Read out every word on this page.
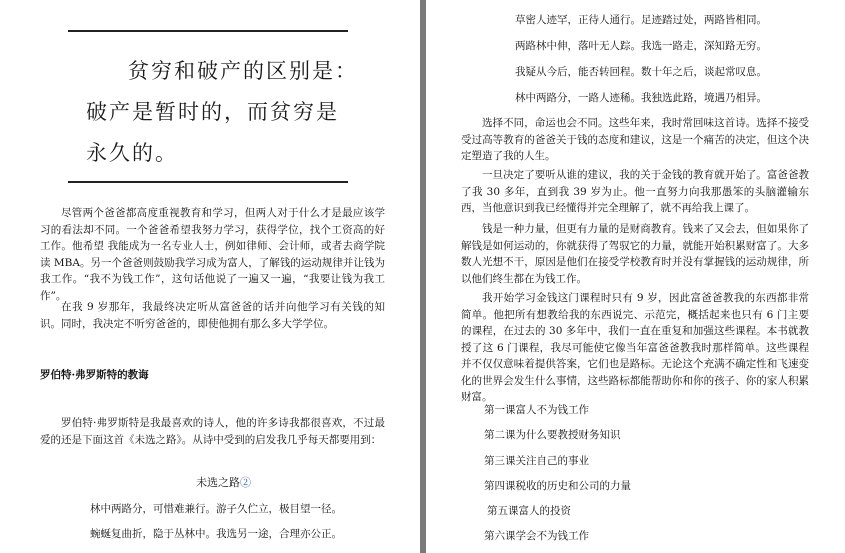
贫穷和破产的区别是：
破产是暂时的，而贫穷是
永久的。

尽管两个爸爸都高度重视教育和学习，但两人对于什么才是最应该学习的看法却不同。一个爸爸希望我努力学习，获得学位，找个工资高的好工作。他希望 我能成为一名专业人士，例如律师、会计师，或者去商学院读 MBA。另一个爸爸则鼓励我学习成为富人，了解钱的运动规律并让钱为我工作。“我不为钱工作”，这句话他说了一遍又一遍，“我要让钱为我工作”。

在我 9 岁那年，我最终决定听从富爸爸的话并向他学习有关钱的知识。同时，我决定不听穷爸爸的，即使他拥有那么多大学学位。

罗伯特·弗罗斯特的教诲

罗伯特·弗罗斯特是我最喜欢的诗人，他的许多诗我都很喜欢，不过最爱的还是下面这首《未选之路》。从诗中受到的启发我几乎每天都要用到：

未选之路②

林中两路分，可惜难兼行。游子久伫立，极目望一径。

蜿蜒复曲折，隐于丛林中。我选另一途，合理亦公正。

草密人迹罕，正待人通行。足迹踏过处，两路皆相同。

两路林中伸，落叶无人踪。我选一路走，深知路无穷。

我疑从今后，能否转回程。数十年之后，谈起常叹息。

林中两路分，一路人迹稀。我独选此路，境遇乃相异。

选择不同，命运也会不同。这些年来，我时常回味这首诗。选择不接受受过高等教育的爸爸关于钱的态度和建议，这是一个痛苦的决定，但这个决定塑造了我的人生。

一旦决定了要听从谁的建议，我的关于金钱的教育就开始了。富爸爸教了我 30 多年，直到我 39 岁为止。他一直努力向我那愚笨的头脑灌输东西，当他意识到我已经懂得并完全理解了，就不再给我上课了。

钱是一种力量，但更有力量的是财商教育。钱来了又会去，但如果你了解钱是如何运动的，你就获得了驾驭它的力量，就能开始积累财富了。大多数人光想不干，原因是他们在接受学校教育时并没有掌握钱的运动规律，所以他们终生都在为钱工作。

我开始学习金钱这门课程时只有 9 岁，因此富爸爸教我的东西都非常简单。他把所有想教给我的东西说完、示范完，概括起来也只有 6 门主要的课程，在过去的 30 多年中，我们一直在重复和加强这些课程。本书就教授了这 6 门课程，我尽可能使它像当年富爸爸教我时那样简单。这些课程并不仅仅意味着提供答案，它们也是路标。无论这个充满不确定性和飞速变化的世界会发生什么事情，这些路标都能帮助你和你的孩子、你的家人积累财富。

第一课富人不为钱工作

第二课为什么要教授财务知识

第三课关注自己的事业

第四课税收的历史和公司的力量

第五课富人的投资

第六课学会不为钱工作
